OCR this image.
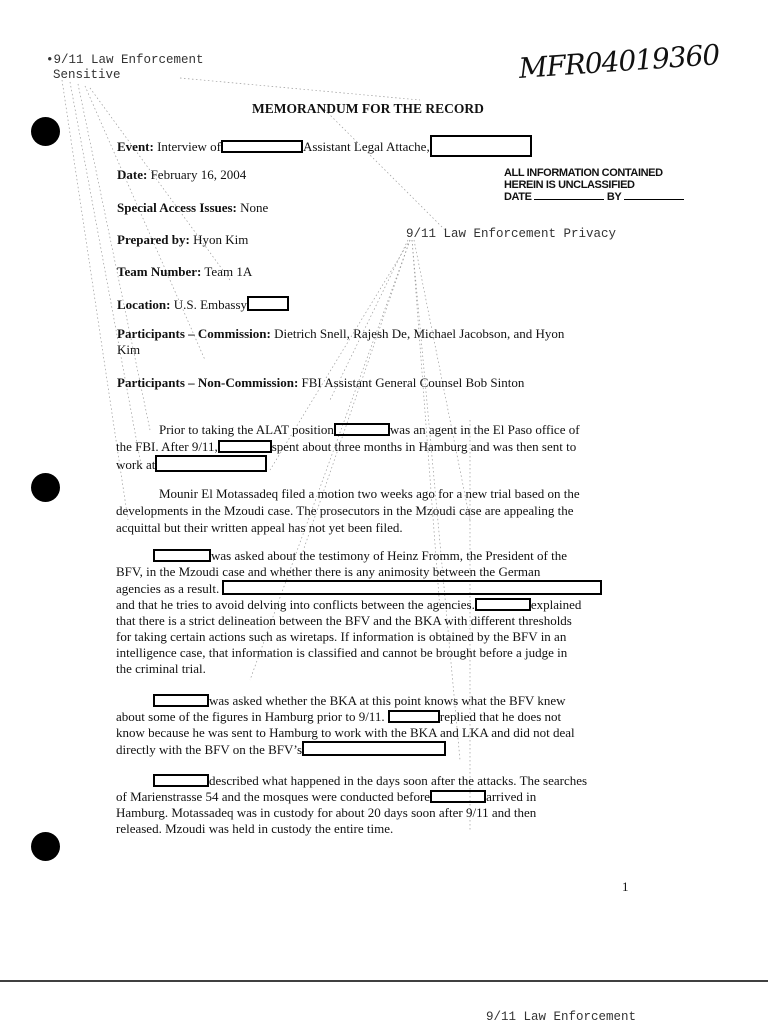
•9/11 Law Enforcement
Sensitive	MFR04019360
MEMORANDUM FOR THE RECORD
Event: Interview of	Assistant Legal Attache,
Date: February 16, 2004	ALL INFORMATION CONTAINED
HEREIN IS UNCLASSIFIED
DATE	BY
Special Access Issues: None
9/11 Law Enforcement Privacy
Prepared by: Hyon Kim
Team Number: Team 1A
Location: U.S. Embassy
Participants – Commission: Dietrich Snell, Rajesh De, Michael Jacobson, and Hyon
Kim
Participants – Non-Commission: FBI Assistant General Counsel Bob Sinton
Prior to taking the ALAT position	was an agent in the El Paso office of
the FBI. After 9/11,	spent about three months in Hamburg and was then sent to
work at
Mounir El Motassadeq filed a motion two weeks ago for a new trial based on the
developments in the Mzoudi case. The prosecutors in the Mzoudi case are appealing the
acquittal but their written appeal has not yet been filed.
was asked about the testimony of Heinz Fromm, the President of the
BFV, in the Mzoudi case and whether there is any animosity between the German
agencies as a result.
and that he tries to avoid delving into conflicts between the agencies.	explained
that there is a strict delineation between the BFV and the BKA with different thresholds
for taking certain actions such as wiretaps. If information is obtained by the BFV in an
intelligence case, that information is classified and cannot be brought before a judge in
the criminal trial.
was asked whether the BKA at this point knows what the BFV knew
about some of the figures in Hamburg prior to 9/11.	replied that he does not
know because he was sent to Hamburg to work with the BKA and LKA and did not deal
directly with the BFV on the BFV’s
described what happened in the days soon after the attacks. The searches
of Marienstrasse 54 and the mosques were conducted before	arrived in
Hamburg. Motassadeq was in custody for about 20 days soon after 9/11 and then
released. Mzoudi was held in custody the entire time.
1
9/11 Law Enforcement
